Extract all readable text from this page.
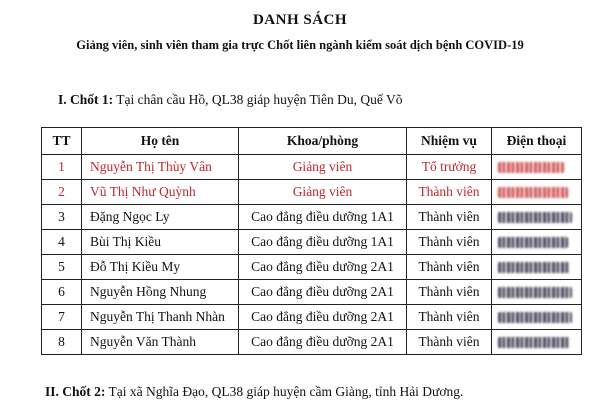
DANH SÁCH
Giảng viên, sinh viên tham gia trực Chốt liên ngành kiểm soát dịch bệnh COVID-19
I. Chốt 1: Tại chân cầu Hồ, QL38 giáp huyện Tiên Du, Quế Võ
TT	Họ tên	Khoa/phòng	Nhiệm vụ	Điện thoại
1	Nguyễn Thị Thùy Vân	Giảng viên	Tổ trưởng	

2	Vũ Thị Như Quỳnh	Giảng viên	Thành viên	

3	Đặng Ngọc Ly	Cao đẳng điều dưỡng 1A1	Thành viên	

4	Bùi Thị Kiều	Cao đẳng điều dưỡng 1A1	Thành viên	

5	Đỗ Thị Kiều My	Cao đẳng điều dưỡng 2A1	Thành viên	

6	Nguyễn Hồng Nhung	Cao đẳng điều dưỡng 2A1	Thành viên	

7	Nguyễn Thị Thanh Nhàn	Cao đẳng điều dưỡng 2A1	Thành viên	

8	Nguyễn Văn Thành	Cao đẳng điều dưỡng 2A1	Thành viên	
II. Chốt 2: Tại xã Nghĩa Đạo, QL38 giáp huyện cầm Giàng, tỉnh Hải Dương.
